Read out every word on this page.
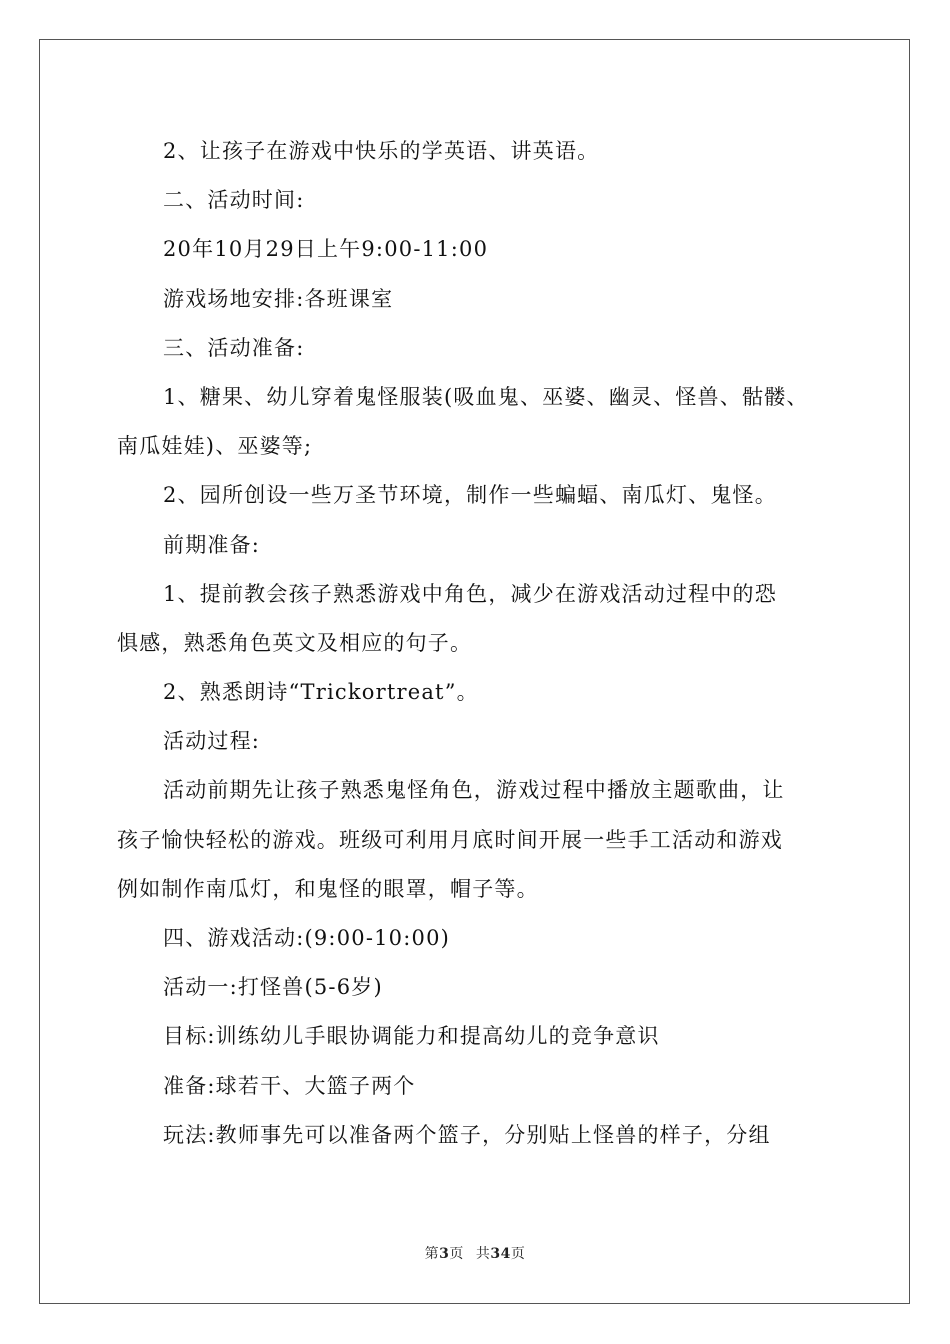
2、让孩子在游戏中快乐的学英语、讲英语。
二、活动时间:
20年10月29日上午9:00-11:00
游戏场地安排:各班课室
三、活动准备:
1、糖果、幼儿穿着鬼怪服装(吸血鬼、巫婆、幽灵、怪兽、骷髅、
南瓜娃娃)、巫婆等;
2、园所创设一些万圣节环境，制作一些蝙蝠、南瓜灯、鬼怪。
前期准备:
1、提前教会孩子熟悉游戏中角色，减少在游戏活动过程中的恐
惧感，熟悉角色英文及相应的句子。
2、熟悉朗诗“Trickortreat”。
活动过程:
活动前期先让孩子熟悉鬼怪角色，游戏过程中播放主题歌曲，让
孩子愉快轻松的游戏。班级可利用月底时间开展一些手工活动和游戏
例如制作南瓜灯，和鬼怪的眼罩，帽子等。
四、游戏活动:(9:00-10:00)
活动一:打怪兽(5-6岁)
目标:训练幼儿手眼协调能力和提高幼儿的竞争意识
准备:球若干、大篮子两个
玩法:教师事先可以准备两个篮子，分别贴上怪兽的样子，分组
第3页 共34页
